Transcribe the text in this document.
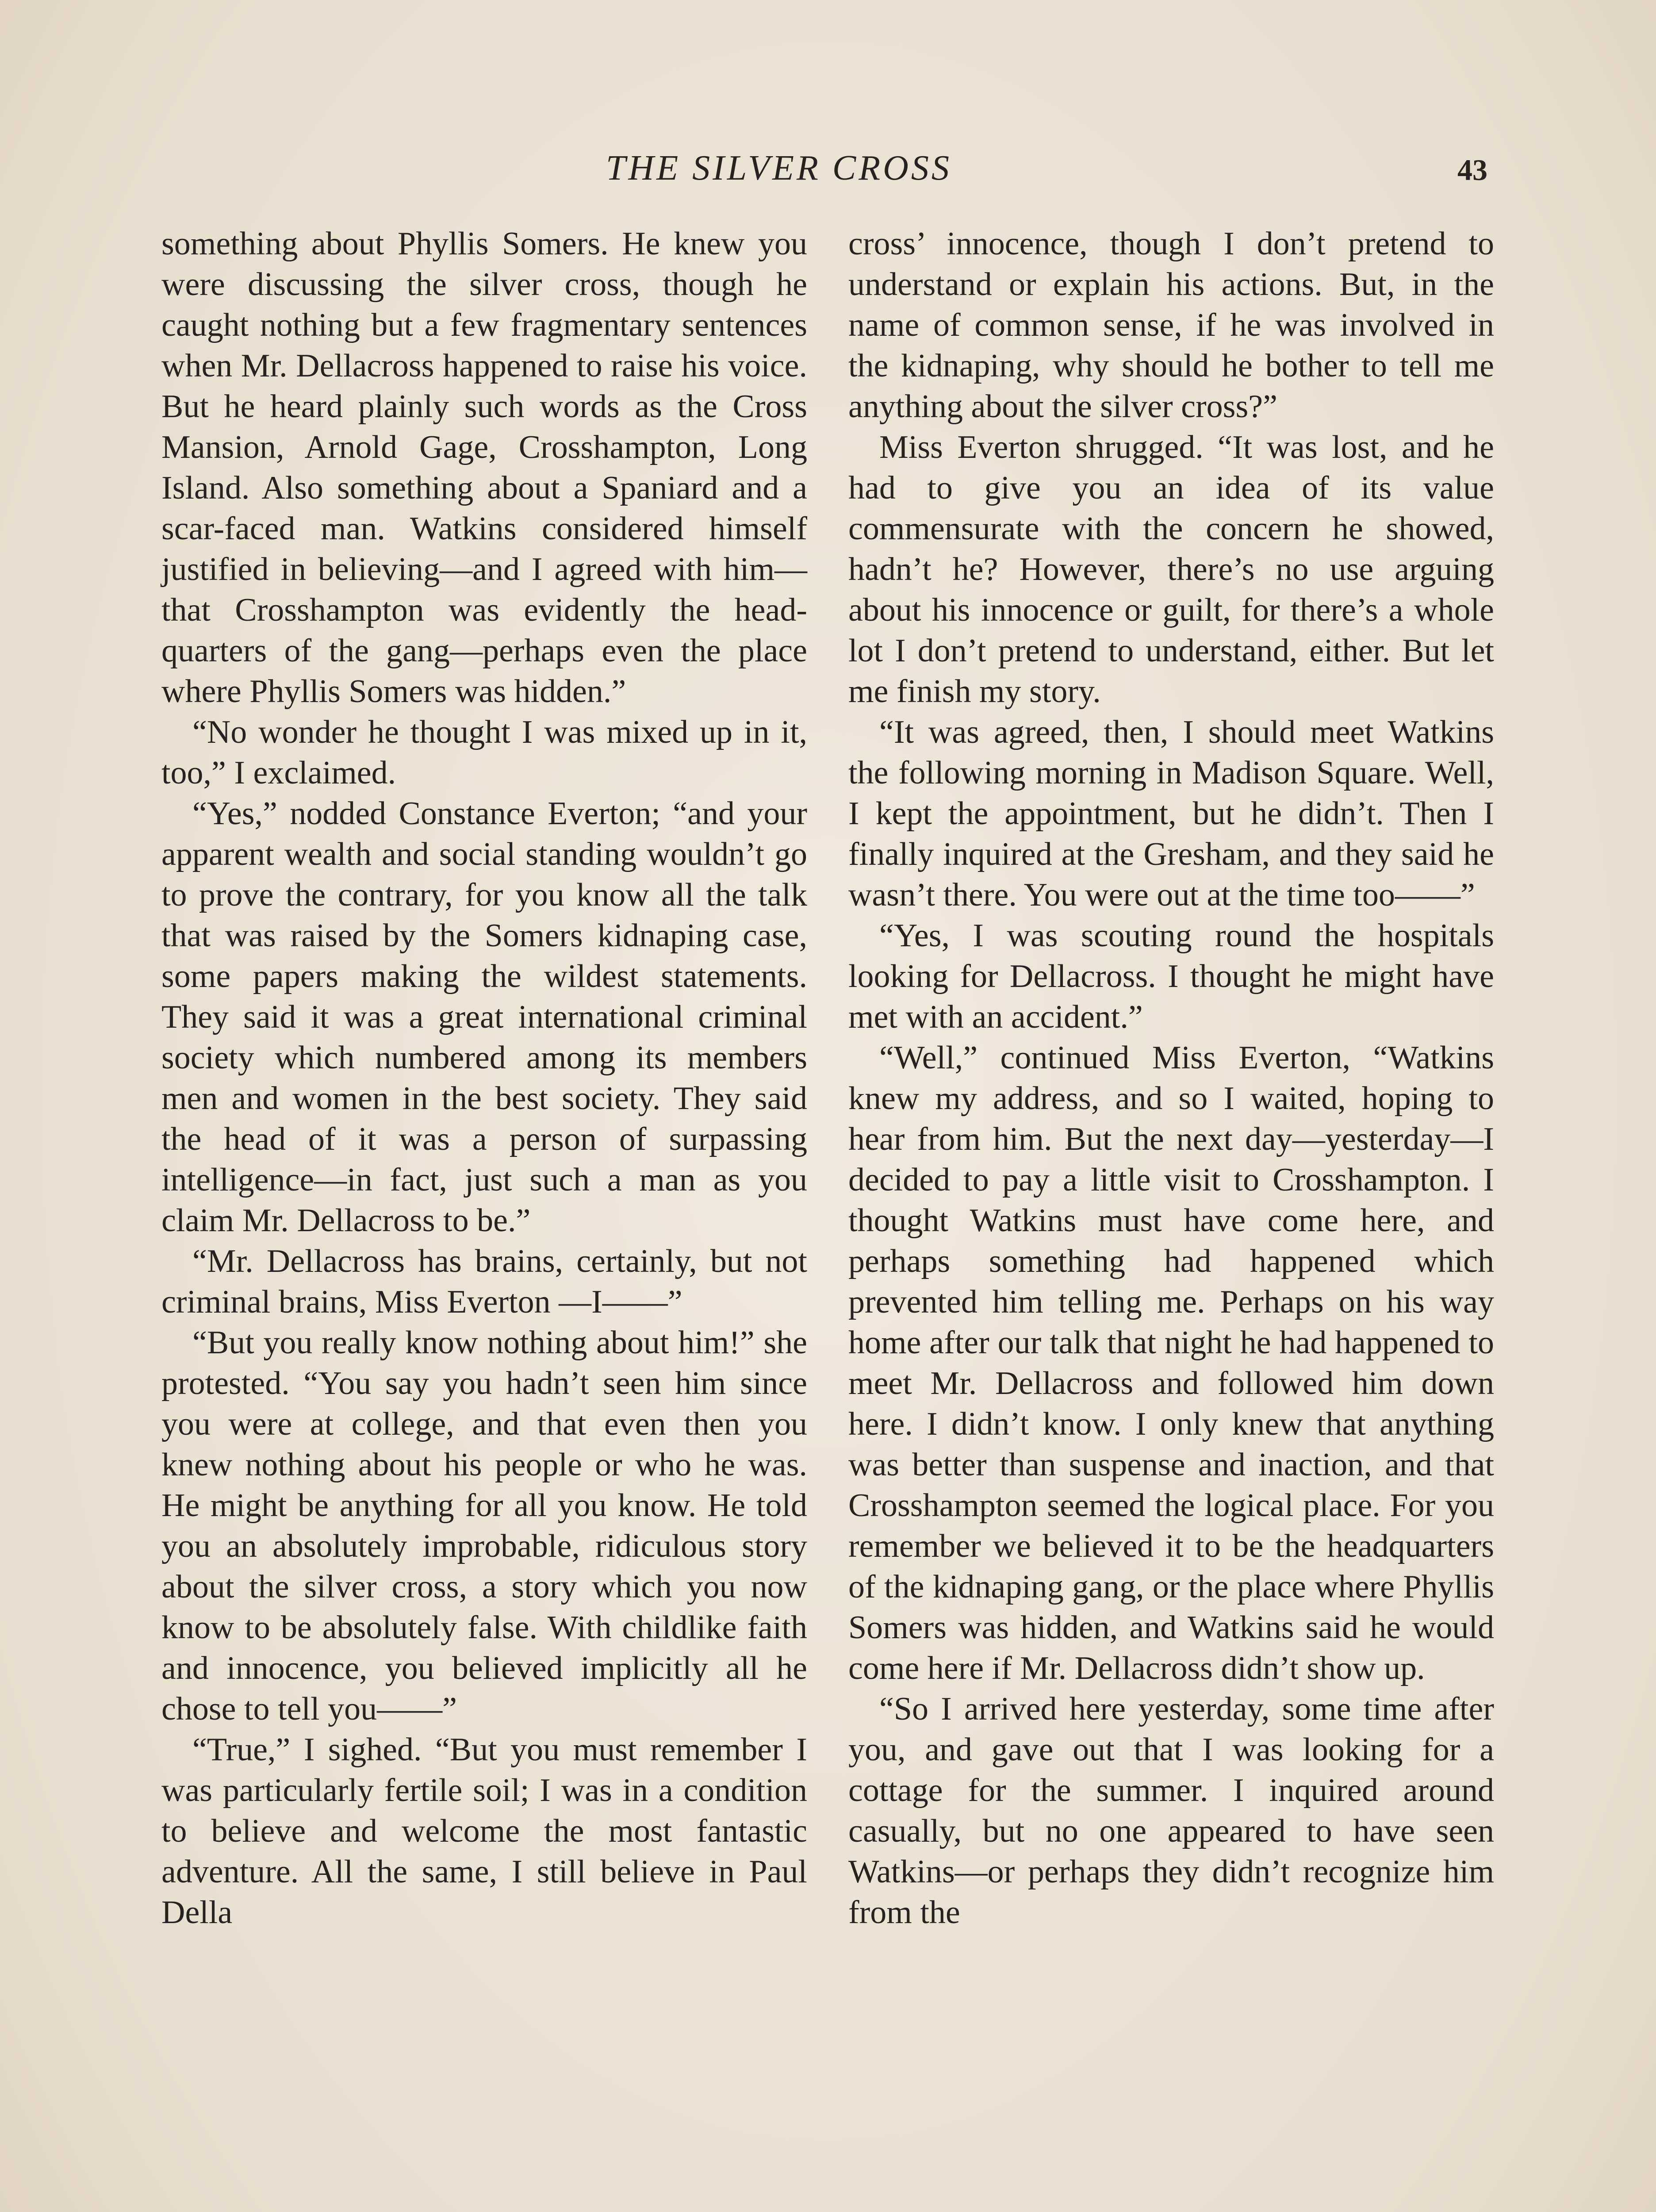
THE SILVER CROSS	43

something about Phyllis Somers. He knew you were discussing the silver cross, though he caught nothing but a few fragmentary sentences when Mr. Dellacross happened to raise his voice. But he heard plainly such words as the Cross Mansion, Arnold Gage, Crosshampton, Long Island. Also something about a Spaniard and a scar-faced man. Watkins considered himself justified in believing—and I agreed with him—that Crosshampton was evidently the headquarters of the gang—perhaps even the place where Phyllis Somers was hidden.”

“No wonder he thought I was mixed up in it, too,” I exclaimed.

“Yes,” nodded Constance Everton; “and your apparent wealth and social standing wouldn’t go to prove the contrary, for you know all the talk that was raised by the Somers kidnaping case, some papers making the wildest statements. They said it was a great international criminal society which numbered among its members men and women in the best society. They said the head of it was a person of surpassing intelligence—in fact, just such a man as you claim Mr. Dellacross to be.”

“Mr. Dellacross has brains, certainly, but not criminal brains, Miss Everton —I——”

“But you really know nothing about him!” she protested. “You say you hadn’t seen him since you were at college, and that even then you knew nothing about his people or who he was. He might be anything for all you know. He told you an absolutely improbable, ridiculous story about the silver cross, a story which you now know to be absolutely false. With childlike faith and innocence, you believed implicitly all he chose to tell you——”

“True,” I sighed. “But you must remember I was particularly fertile soil; I was in a condition to believe and welcome the most fantastic adventure. All the same, I still believe in Paul Della

cross’ innocence, though I don’t pretend to understand or explain his actions. But, in the name of common sense, if he was involved in the kidnaping, why should he bother to tell me anything about the silver cross?”

Miss Everton shrugged. “It was lost, and he had to give you an idea of its value commensurate with the concern he showed, hadn’t he? However, there’s no use arguing about his innocence or guilt, for there’s a whole lot I don’t pretend to understand, either. But let me finish my story.

“It was agreed, then, I should meet Watkins the following morning in Madison Square. Well, I kept the appointment, but he didn’t. Then I finally inquired at the Gresham, and they said he wasn’t there. You were out at the time too——”

“Yes, I was scouting round the hospitals looking for Dellacross. I thought he might have met with an accident.”

“Well,” continued Miss Everton, “Watkins knew my address, and so I waited, hoping to hear from him. But the next day—yesterday—I decided to pay a little visit to Crosshampton. I thought Watkins must have come here, and perhaps something had happened which prevented him telling me. Perhaps on his way home after our talk that night he had happened to meet Mr. Dellacross and followed him down here. I didn’t know. I only knew that anything was better than suspense and inaction, and that Crosshampton seemed the logical place. For you remember we believed it to be the headquarters of the kidnaping gang, or the place where Phyllis Somers was hidden, and Watkins said he would come here if Mr. Dellacross didn’t show up.

“So I arrived here yesterday, some time after you, and gave out that I was looking for a cottage for the summer. I inquired around casually, but no one appeared to have seen Watkins—or perhaps they didn’t recognize him from the
